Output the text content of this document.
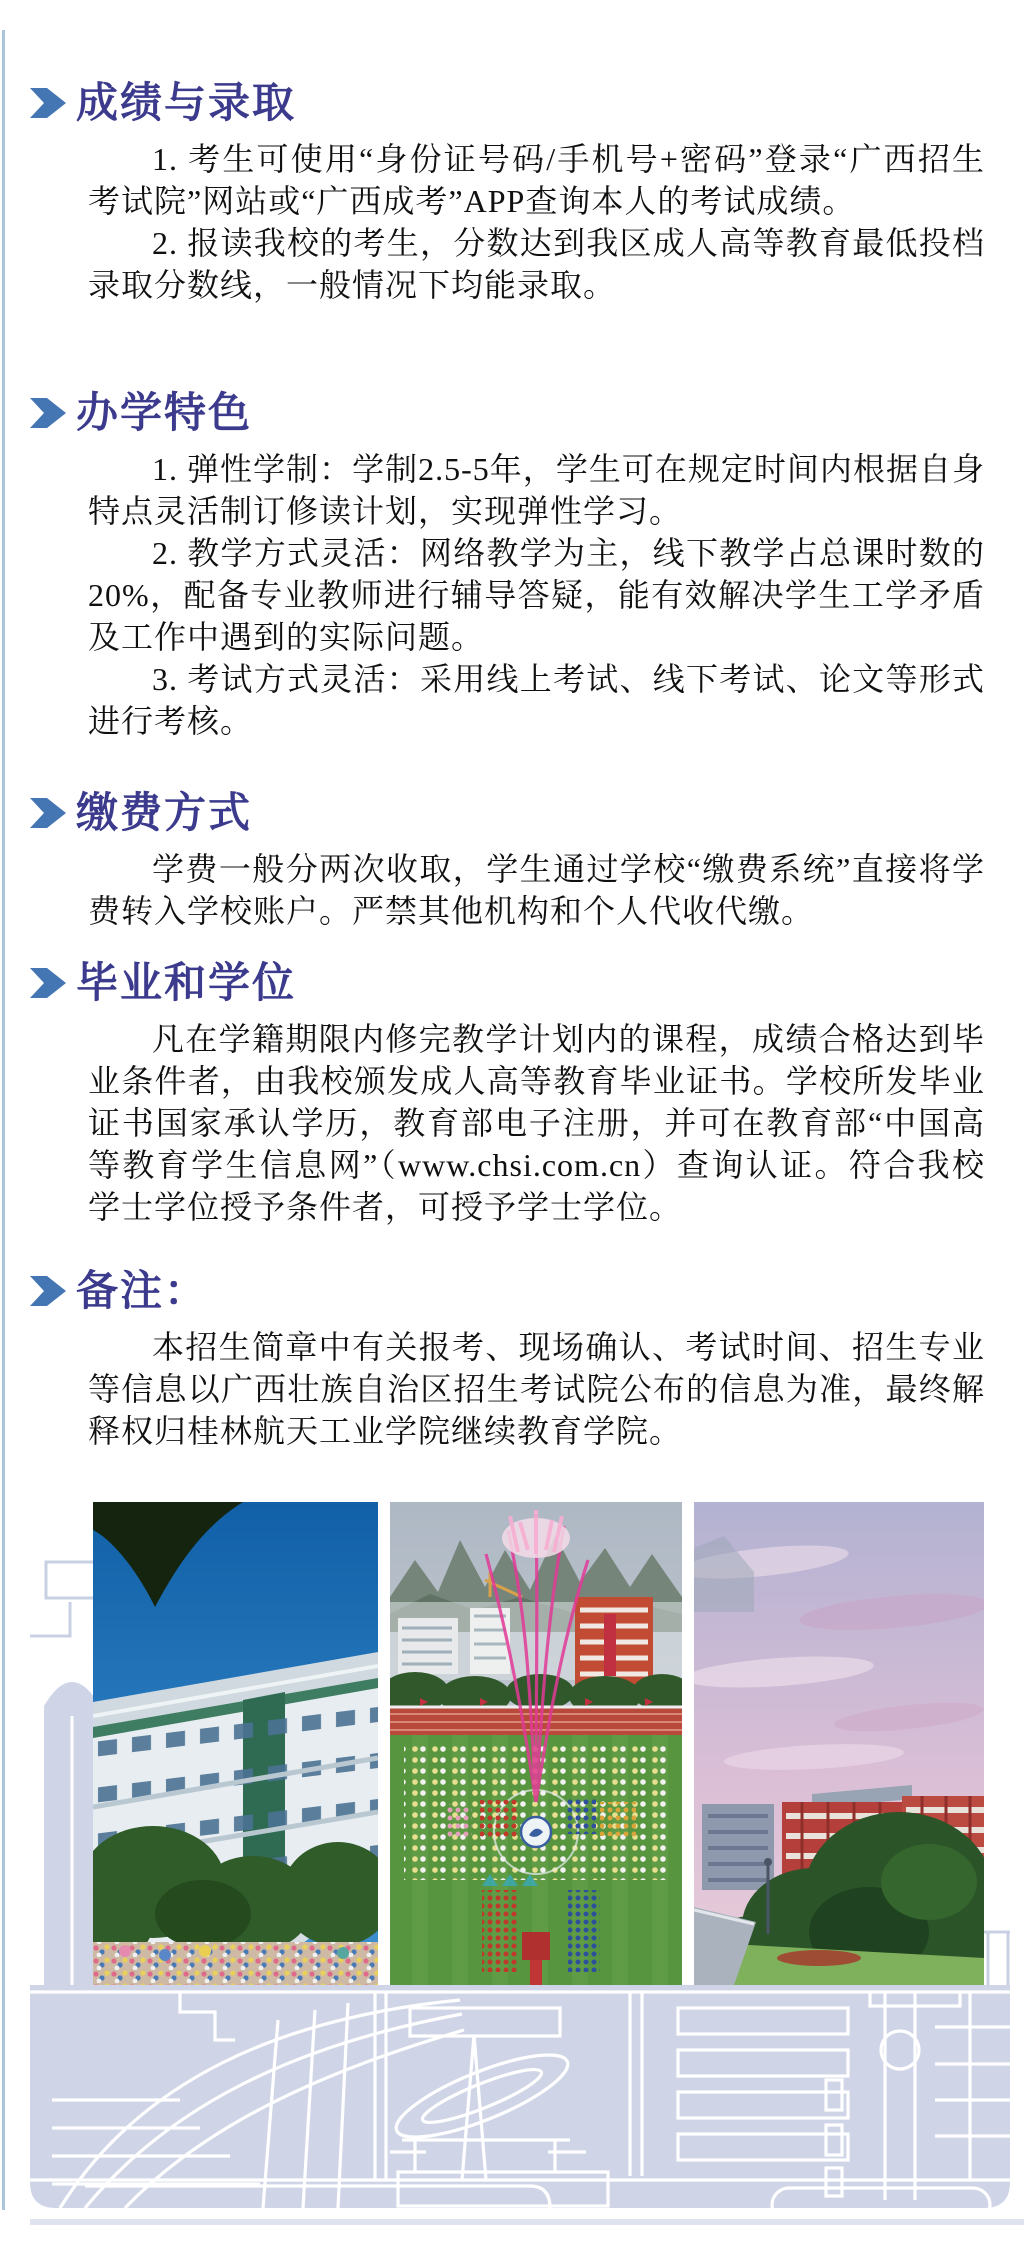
成绩与录取

1. 考生可使用“身份证号码/手机号+密码”登录“广西招生考试院”网站或“广西成考”APP查询本人的考试成绩。

2. 报读我校的考生，分数达到我区成人高等教育最低投档录取分数线，一般情况下均能录取。

办学特色

1. 弹性学制：学制2.5-5年，学生可在规定时间内根据自身特点灵活制订修读计划，实现弹性学习。

2. 教学方式灵活：网络教学为主，线下教学占总课时数的20%，配备专业教师进行辅导答疑，能有效解决学生工学矛盾及工作中遇到的实际问题。

3. 考试方式灵活：采用线上考试、线下考试、论文等形式进行考核。

缴费方式

学费一般分两次收取，学生通过学校“缴费系统”直接将学费转入学校账户。严禁其他机构和个人代收代缴。

毕业和学位

凡在学籍期限内修完教学计划内的课程，成绩合格达到毕业条件者，由我校颁发成人高等教育毕业证书。学校所发毕业证书国家承认学历，教育部电子注册，并可在教育部“中国高等教育学生信息网”（www.chsi.com.cn）查询认证。符合我校学士学位授予条件者，可授予学士学位。

备注：

本招生简章中有关报考、现场确认、考试时间、招生专业等信息以广西壮族自治区招生考试院公布的信息为准，最终解释权归桂林航天工业学院继续教育学院。
